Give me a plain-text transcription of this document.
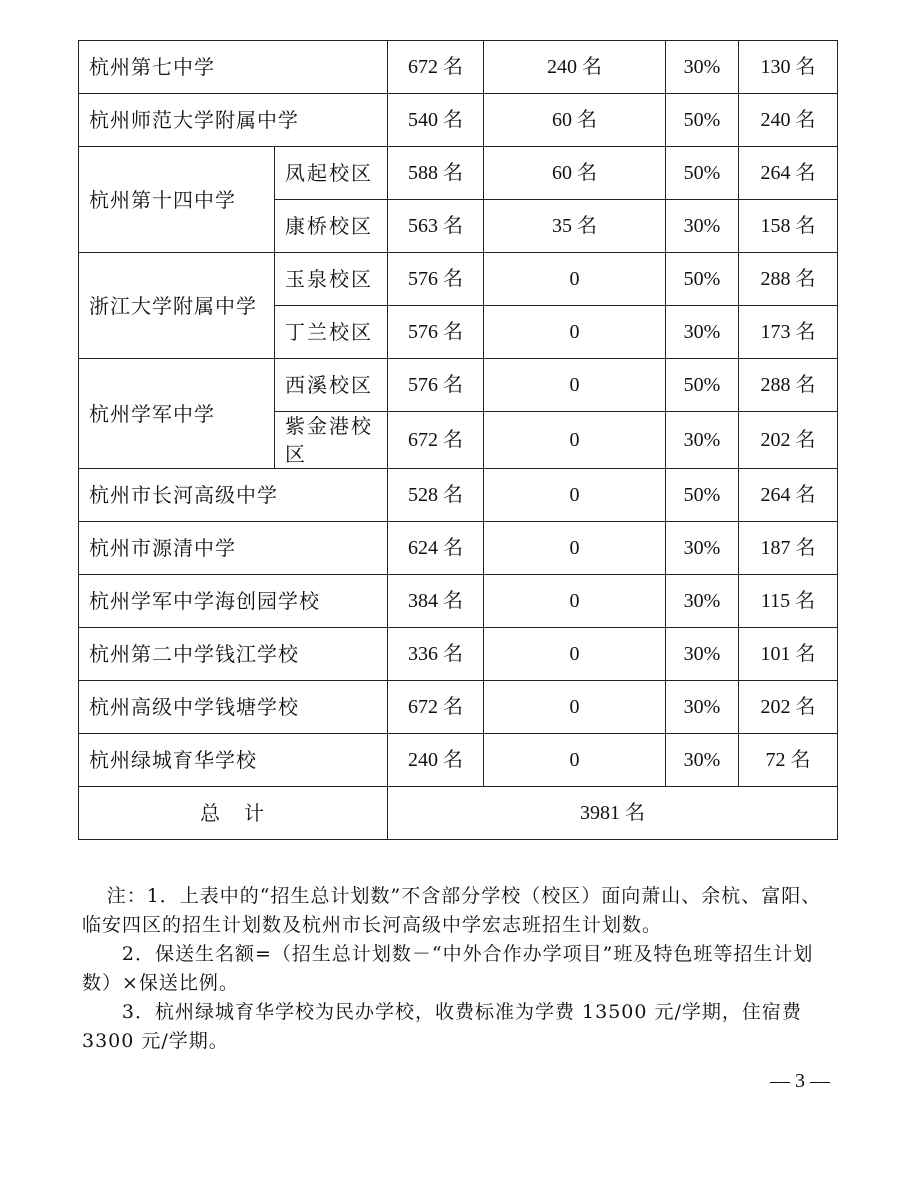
杭州第七中学		672 名	240 名	30%	130 名
杭州师范大学附属中学		540 名	60 名	50%	240 名
杭州第十四中学	凤起校区	588 名	60 名	50%	264 名
	康桥校区	563 名	35 名	30%	158 名
浙江大学附属中学	玉泉校区	576 名	0	50%	288 名
	丁兰校区	576 名	0	30%	173 名
杭州学军中学	西溪校区	576 名	0	50%	288 名
	紫金港校区	672 名	0	30%	202 名
杭州市长河高级中学		528 名	0	50%	264 名
杭州市源清中学		624 名	0	30%	187 名
杭州学军中学海创园学校		384 名	0	30%	115 名
杭州第二中学钱江学校		336 名	0	30%	101 名
杭州高级中学钱塘学校		672 名	0	30%	202 名
杭州绿城育华学校		240 名	0	30%	72 名
总　计		3981 名			

注：1．上表中的“招生总计划数”不含部分学校（校区）面向萧山、余杭、富阳、临安四区的招生计划数及杭州市长河高级中学宏志班招生计划数。

2．保送生名额=（招生总计划数－“中外合作办学项目”班及特色班等招生计划数）×保送比例。

3．杭州绿城育华学校为民办学校，收费标准为学费 13500 元/学期，住宿费 3300 元/学期。

— 3 —
